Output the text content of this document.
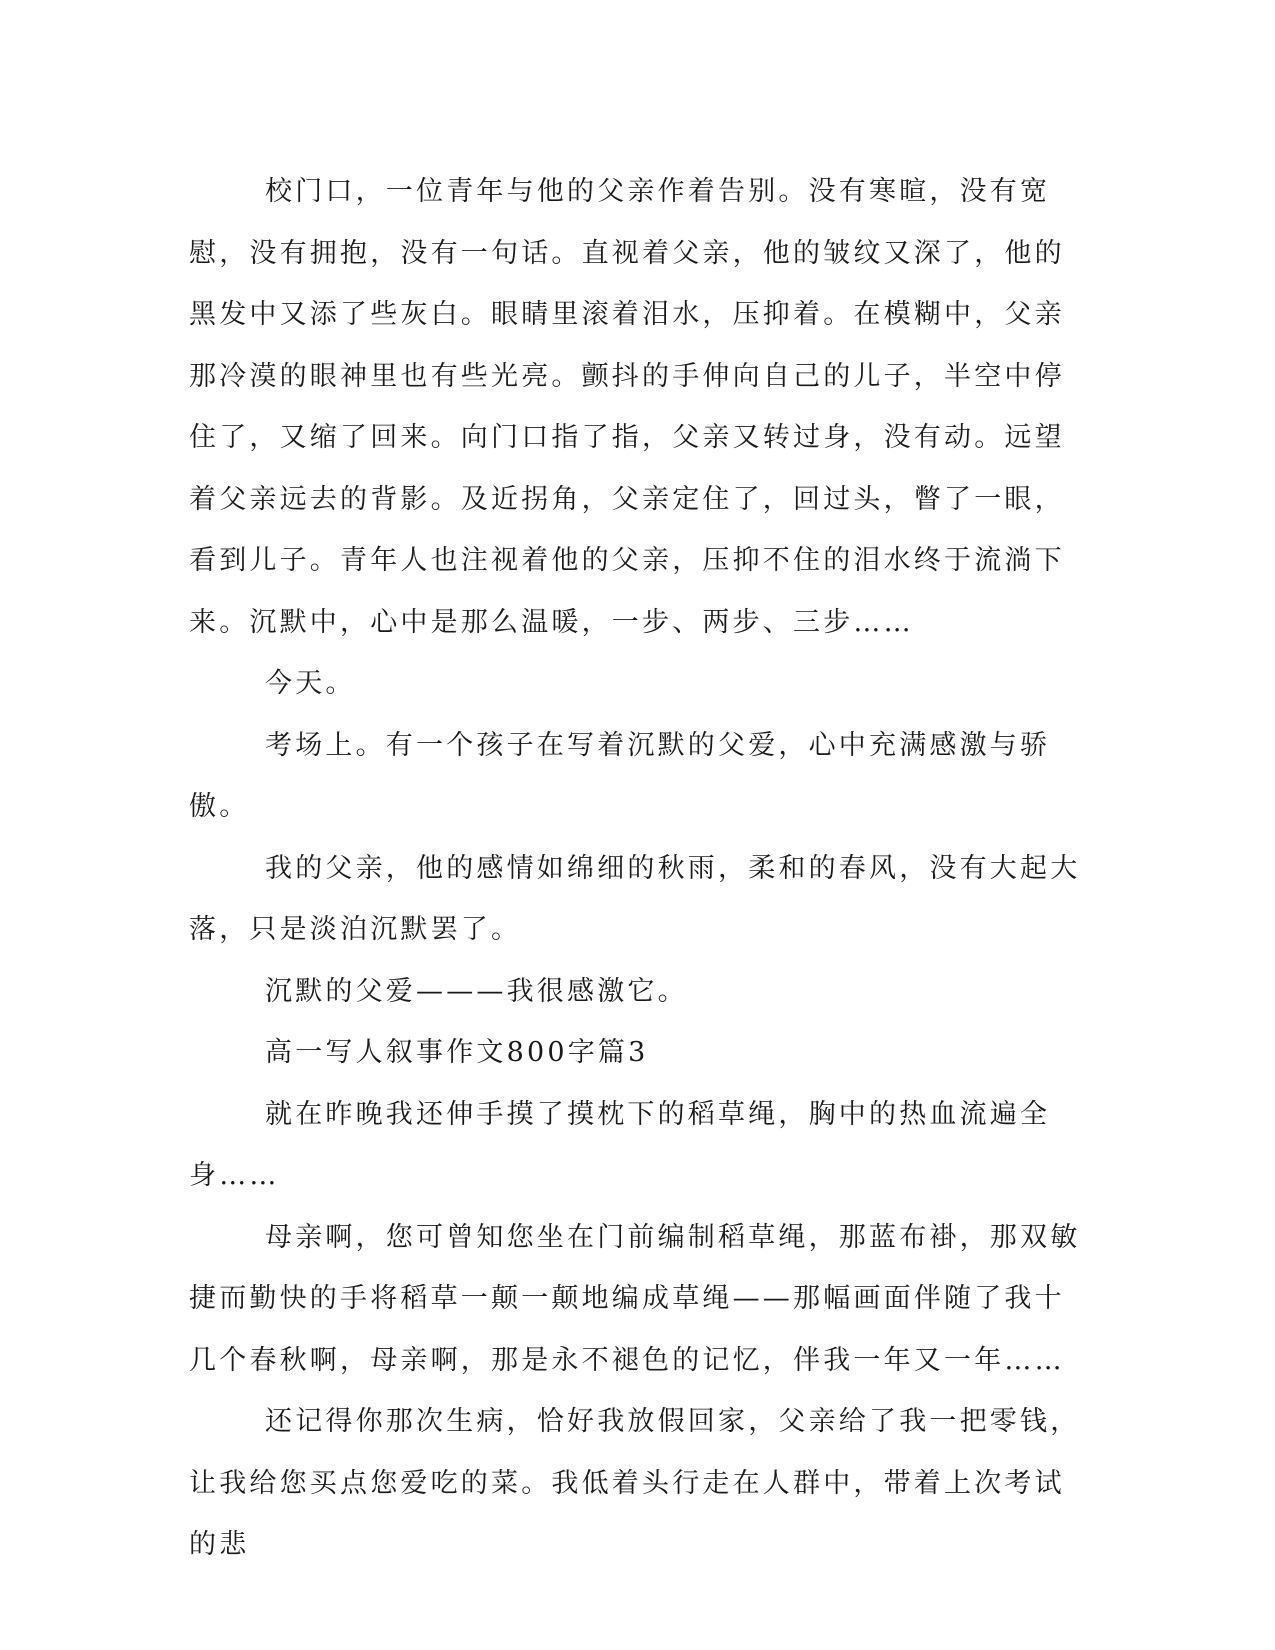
校门口，一位青年与他的父亲作着告别。没有寒暄，没有宽慰，没有拥抱，没有一句话。直视着父亲，他的皱纹又深了，他的黑发中又添了些灰白。眼睛里滚着泪水，压抑着。在模糊中，父亲那冷漠的眼神里也有些光亮。颤抖的手伸向自己的儿子，半空中停住了，又缩了回来。向门口指了指，父亲又转过身，没有动。远望着父亲远去的背影。及近拐角，父亲定住了，回过头，瞥了一眼，看到儿子。青年人也注视着他的父亲，压抑不住的泪水终于流淌下来。沉默中，心中是那么温暖，一步、两步、三步……

今天。

考场上。有一个孩子在写着沉默的父爱，心中充满感激与骄傲。

我的父亲，他的感情如绵细的秋雨，柔和的春风，没有大起大落，只是淡泊沉默罢了。

沉默的父爱———我很感激它。

高一写人叙事作文800字篇3

就在昨晚我还伸手摸了摸枕下的稻草绳，胸中的热血流遍全身……

母亲啊，您可曾知您坐在门前编制稻草绳，那蓝布褂，那双敏捷而勤快的手将稻草一颠一颠地编成草绳——那幅画面伴随了我十几个春秋啊，母亲啊，那是永不褪色的记忆，伴我一年又一年……

还记得你那次生病，恰好我放假回家，父亲给了我一把零钱，让我给您买点您爱吃的菜。我低着头行走在人群中，带着上次考试的悲
